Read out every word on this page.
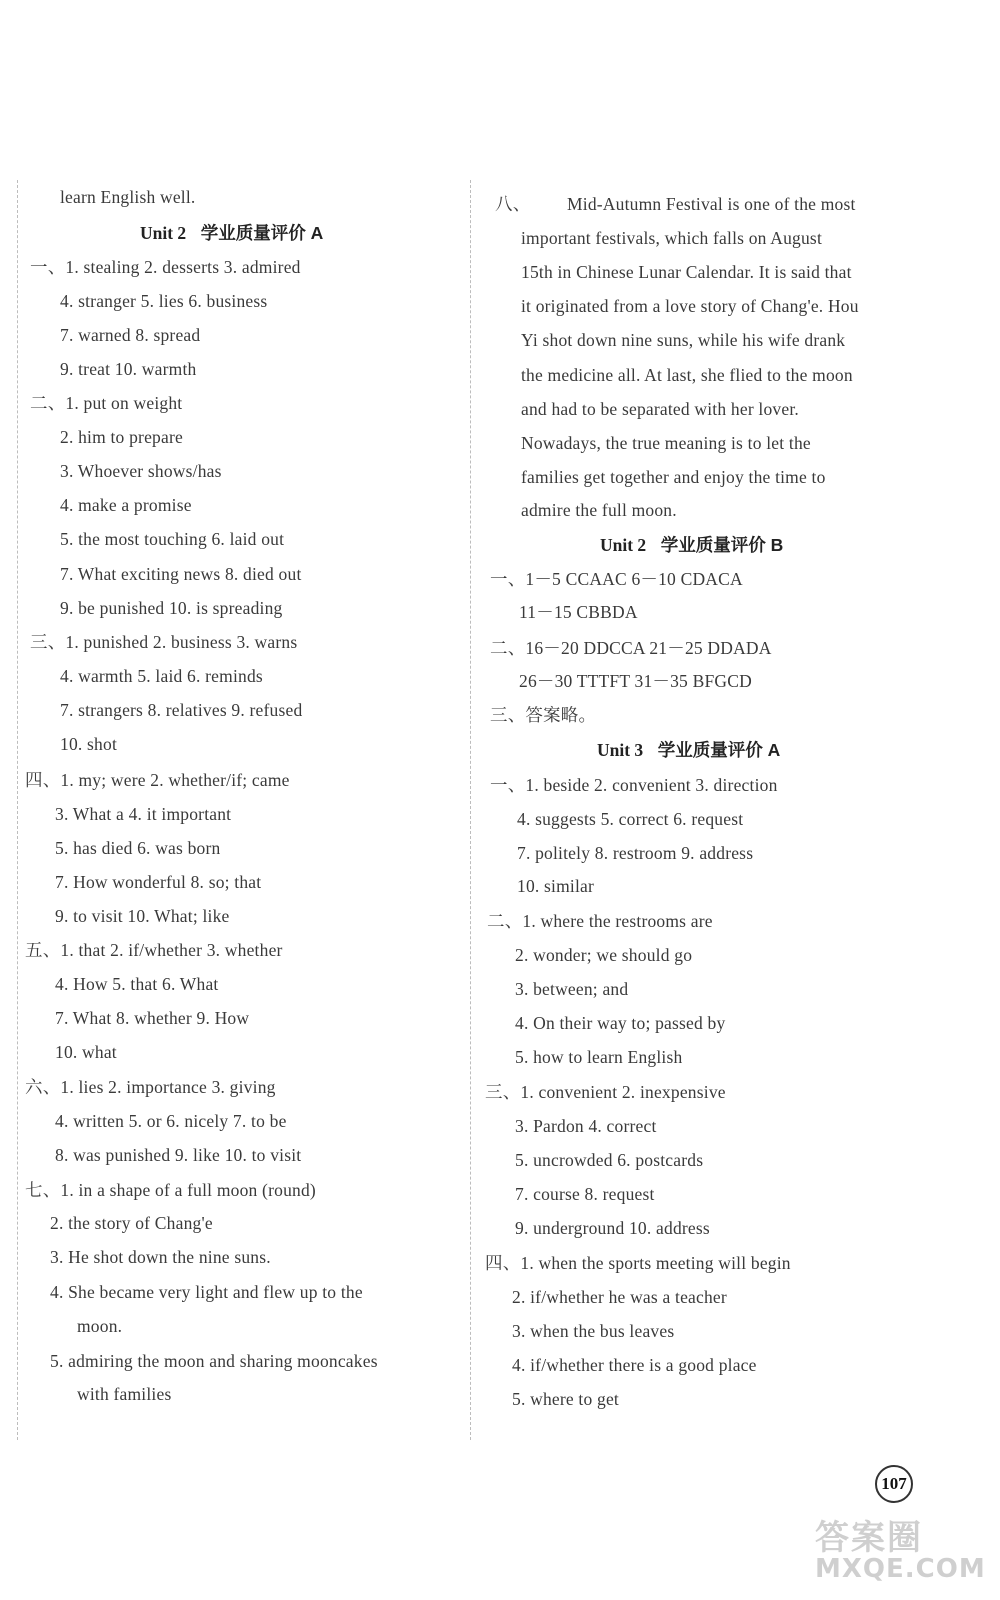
learn English well.
Unit 2 学业质量评价 A
一、1. stealing 2. desserts 3. admired
4. stranger 5. lies 6. business
7. warned 8. spread
9. treat 10. warmth
二、1. put on weight
2. him to prepare
3. Whoever shows/has
4. make a promise
5. the most touching 6. laid out
7. What exciting news 8. died out
9. be punished 10. is spreading
三、1. punished 2. business 3. warns
4. warmth 5. laid 6. reminds
7. strangers 8. relatives 9. refused
10. shot
四、1. my; were 2. whether/if; came
3. What a 4. it important
5. has died 6. was born
7. How wonderful 8. so; that
9. to visit 10. What; like
五、1. that 2. if/whether 3. whether
4. How 5. that 6. What
7. What 8. whether 9. How
10. what
六、1. lies 2. importance 3. giving
4. written 5. or 6. nicely 7. to be
8. was punished 9. like 10. to visit
七、1. in a shape of a full moon (round)
2. the story of Chang'e
3. He shot down the nine suns.
4. She became very light and flew up to the
moon.
5. admiring the moon and sharing mooncakes
with families
八、 Mid-Autumn Festival is one of the most
important festivals, which falls on August
15th in Chinese Lunar Calendar. It is said that
it originated from a love story of Chang'e. Hou
Yi shot down nine suns, while his wife drank
the medicine all. At last, she flied to the moon
and had to be separated with her lover.
Nowadays, the true meaning is to let the
families get together and enjoy the time to
admire the full moon.
Unit 2 学业质量评价 B
一、1－5 CCAAC 6－10 CDACA
11－15 CBBDA
二、16－20 DDCCA 21－25 DDADA
26－30 TTTFT 31－35 BFGCD
三、答案略。
Unit 3 学业质量评价 A
一、1. beside 2. convenient 3. direction
4. suggests 5. correct 6. request
7. politely 8. restroom 9. address
10. similar
二、1. where the restrooms are
2. wonder; we should go
3. between; and
4. On their way to; passed by
5. how to learn English
三、1. convenient 2. inexpensive
3. Pardon 4. correct
5. uncrowded 6. postcards
7. course 8. request
9. underground 10. address
四、1. when the sports meeting will begin
2. if/whether he was a teacher
3. when the bus leaves
4. if/whether there is a good place
5. where to get
107
答案圈
MXQE.COM
